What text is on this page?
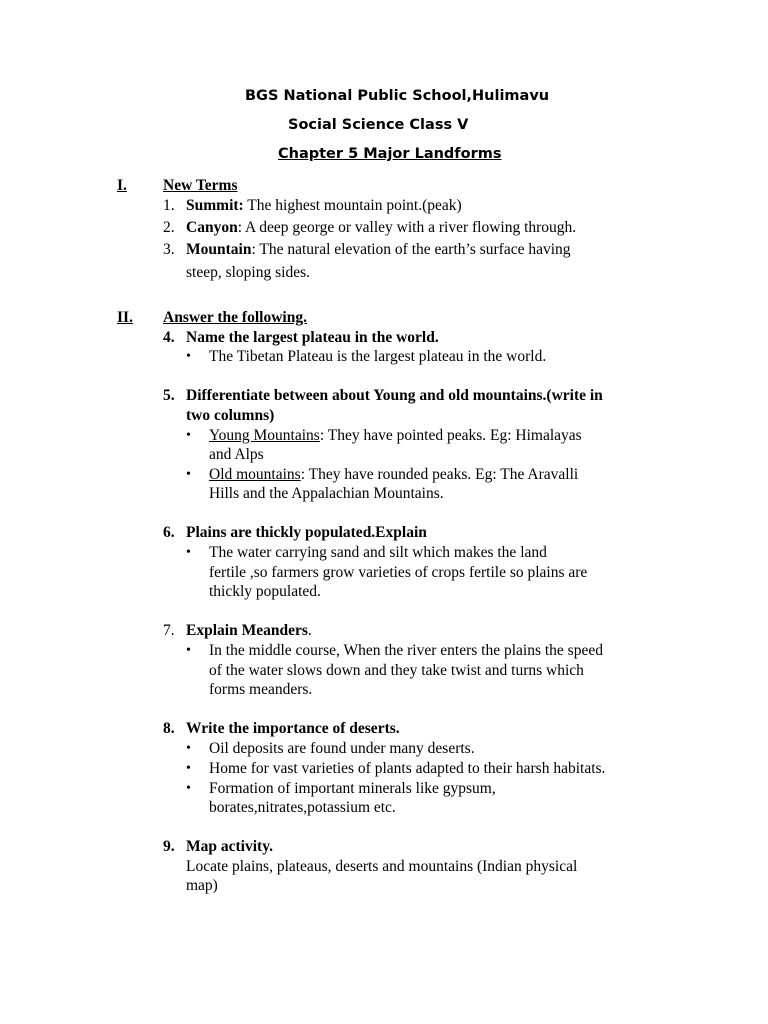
BGS National Public School,Hulimavu
Social Science Class V
Chapter 5 Major Landforms
I. New Terms
1. Summit: The highest mountain point.(peak)
2. Canyon: A deep georgе or valley with a river flowing through.
3. Mountain: The natural elevation of the earth’s surface having
steep, sloping sides.
II. Answer the following.
4. Name the largest plateau in the world.
•	The Tibetan Plateau is the largest plateau in the world.
5. Differentiate between about Young and old mountains.(write in
two columns)
•	Young Mountains: They have pointed peaks. Eg: Himalayas
and Alps
•	Old mountains: They have rounded peaks. Eg: The Aravalli
Hills and the Appalachian Mountains.
6. Plains are thickly populated.Explain
•	The water carrying sand and silt which makes the land
fertile ,so farmers grow varieties of crops fertile so plains are
thickly populated.
7. Explain Meanders.
•	In the middle course, When the river enters the plains the speed
of the water slows down and they take twist and turns which
forms meanders.
8. Write the importance of deserts.
•	Oil deposits are found under many deserts.
•	Home for vast varieties of plants adapted to their harsh habitats.
•	Formation of important minerals like gypsum,
borates,nitrates,potassium etc.
9. Map activity.
Locate plains, plateaus, deserts and mountains (Indian physical
map)
